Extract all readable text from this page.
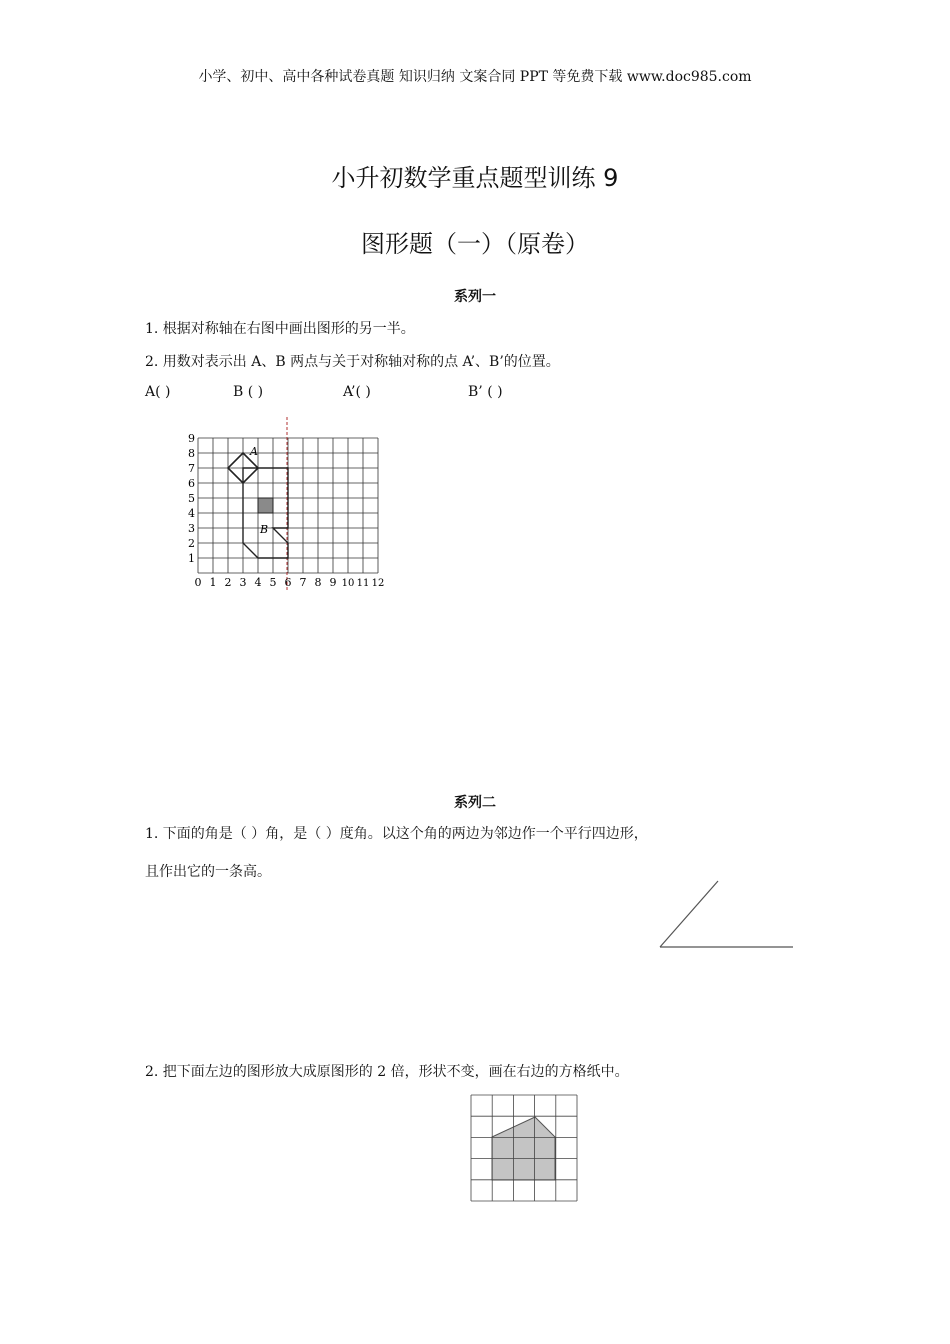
小学、初中、高中各种试卷真题 知识归纳 文案合同 PPT 等免费下载 www.doc985.com
小升初数学重点题型训练 9
图形题（一）（原卷）
系列一
1. 根据对称轴在右图中画出图形的另一半。
2. 用数对表示出 A、B 两点与关于对称轴对称的点 A’、B’的位置。
A( )	B ( )	A’( )	B’ ( )
A
B
1
2
3
4
5
6
7
8
9
0 1 2 3 4 5 6 7 8 9 10 11 12
系列二
1. 下面的角是（ ）角，是（ ）度角。以这个角的两边为邻边作一个平行四边形，
且作出它的一条高。
2. 把下面左边的图形放大成原图形的 2 倍，形状不变，画在右边的方格纸中。
